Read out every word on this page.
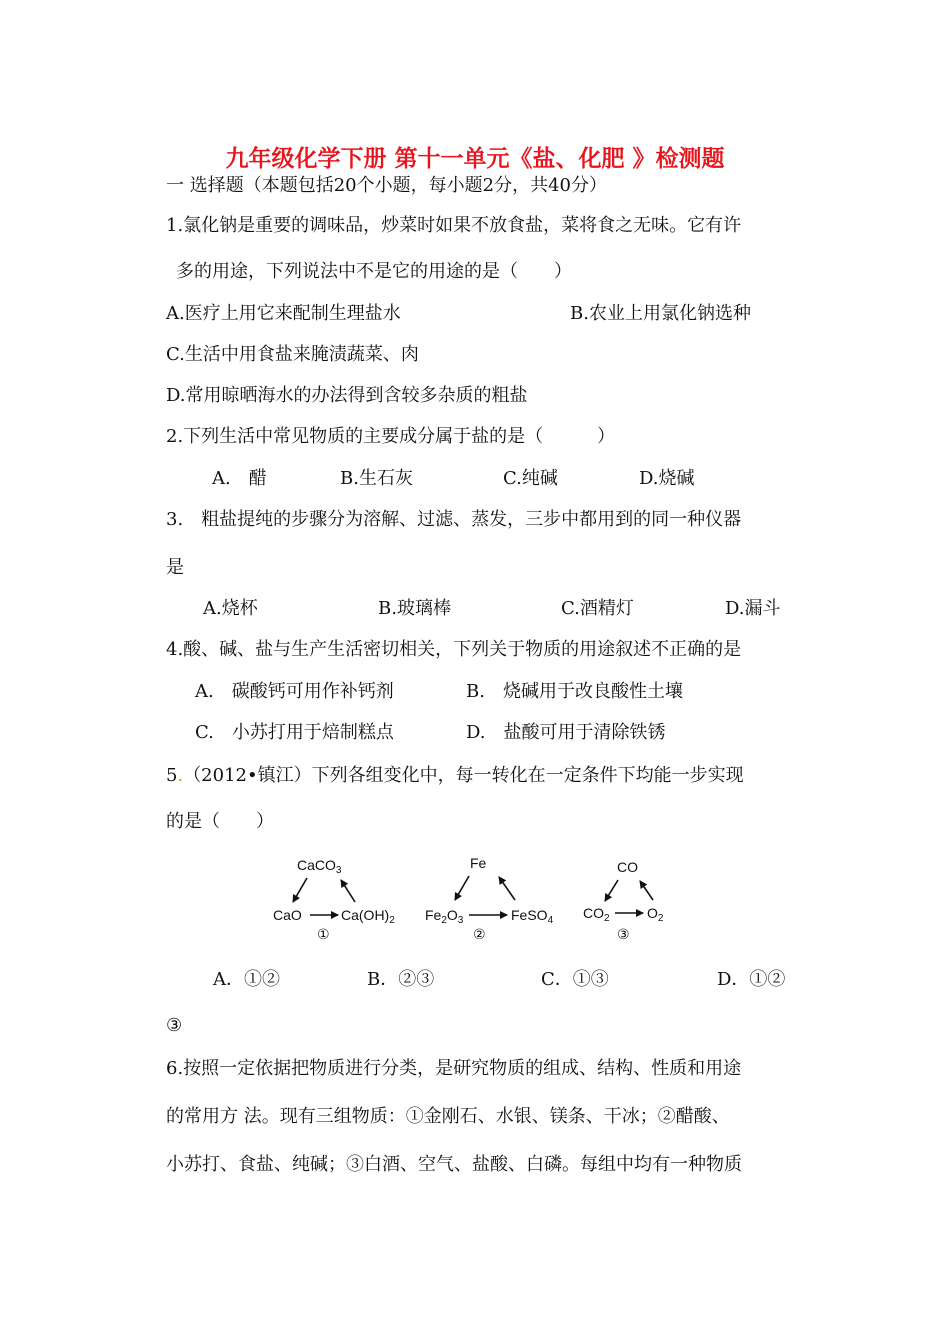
九年级化学下册 第十一单元《盐、化肥 》检测题
一 选择题（本题包括20个小题，每小题2分，共40分）
1.氯化钠是重要的调味品，炒菜时如果不放食盐，菜将食之无味。它有许
多的用途，下列说法中不是它的用途的是（　　）
A.医疗上用它来配制生理盐水	B.农业上用氯化钠选种
C.生活中用食盐来腌渍蔬菜、肉
D.常用晾晒海水的办法得到含较多杂质的粗盐
2.下列生活中常见物质的主要成分属于盐的是（　　　）
A.　醋	B.生石灰	C.纯碱	D.烧碱
3.　粗盐提纯的步骤分为溶解、过滤、蒸发，三步中都用到的同一种仪器
是
A.烧杯	B.玻璃棒	C.酒精灯	D.漏斗
4.酸、碱、盐与生产生活密切相关，下列关于物质的用途叙述不正确的是
A.　碳酸钙可用作补钙剂	B.　烧碱用于改良酸性土壤
C.　小苏打用于焙制糕点	D.　盐酸可用于清除铁锈
5.（2012•镇江）下列各组变化中，每一转化在一定条件下均能一步实现
的是（　　）
CaCO$_3$
CaO	$Ca(OH)_2$
①
Fe
$Fe_2O_3$	FeSO$_4$
②
CO
$CO_2$	$O_2$
③
A．①②	B．②③	C．①③	D．①②
③
6.按照一定依据把物质进行分类，是研究物质的组成、结构、性质和用途
的常用方 法。现有三组物质：①金刚石、水银、镁条、干冰；②醋酸、
小苏打、食盐、纯碱；③白酒、空气、盐酸、白磷。每组中均有一种物质
